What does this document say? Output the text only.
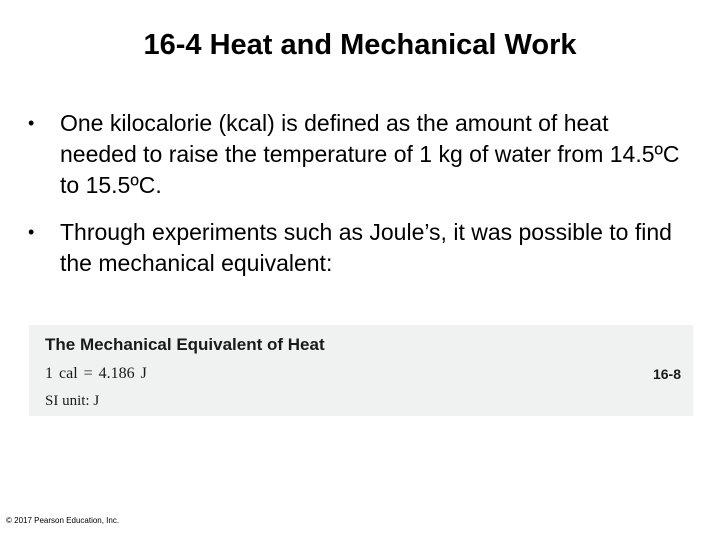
16-4 Heat and Mechanical Work
•	One kilocalorie (kcal) is defined as the amount of heat needed to raise the temperature of 1 kg of water from 14.5ºC to 15.5ºC.
•	Through experiments such as Joule’s, it was possible to find the mechanical equivalent:
The Mechanical Equivalent of Heat
1 cal = 4.186 J	16-8
SI unit: J
© 2017 Pearson Education, Inc.
